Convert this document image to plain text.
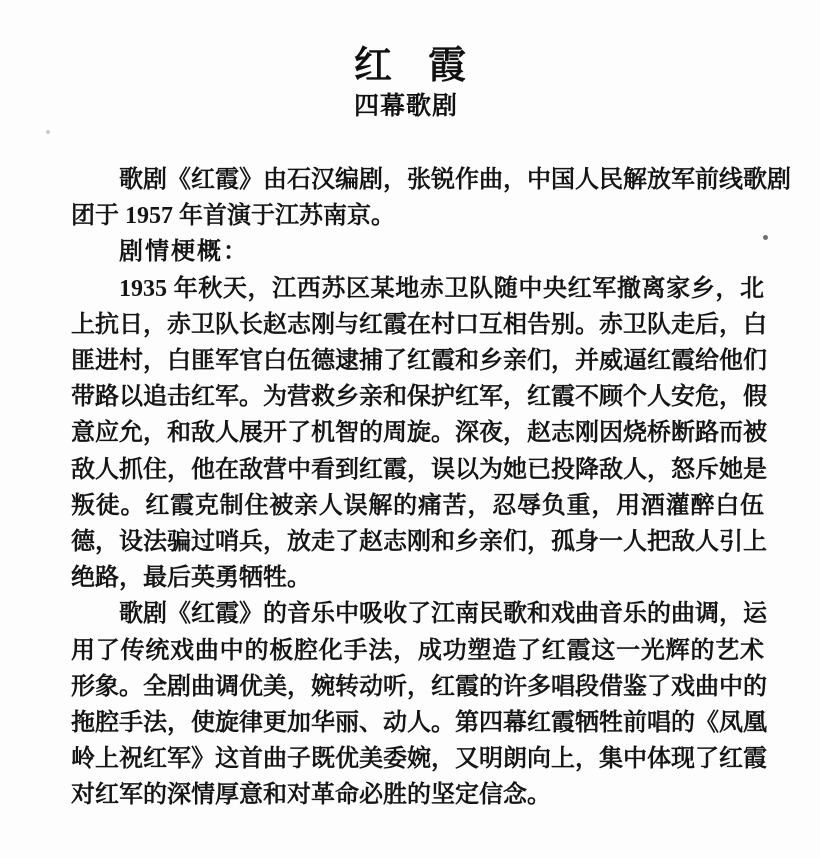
红霞
四幕歌剧
歌剧《红霞》由石汉编剧，张锐作曲，中国人民解放军前线歌剧
团于 1957 年首演于江苏南京。
剧情梗概：
1935 年秋天，江西苏区某地赤卫队随中央红军撤离家乡，北
上抗日，赤卫队长赵志刚与红霞在村口互相告别。赤卫队走后，白
匪进村，白匪军官白伍德逮捕了红霞和乡亲们，并威逼红霞给他们
带路以追击红军。为营救乡亲和保护红军，红霞不顾个人安危，假
意应允，和敌人展开了机智的周旋。深夜，赵志刚因烧桥断路而被
敌人抓住，他在敌营中看到红霞，误以为她已投降敌人，怒斥她是
叛徒。红霞克制住被亲人误解的痛苦，忍辱负重，用酒灌醉白伍
德，设法骗过哨兵，放走了赵志刚和乡亲们，孤身一人把敌人引上
绝路，最后英勇牺牲。
歌剧《红霞》的音乐中吸收了江南民歌和戏曲音乐的曲调，运
用了传统戏曲中的板腔化手法，成功塑造了红霞这一光辉的艺术
形象。全剧曲调优美，婉转动听，红霞的许多唱段借鉴了戏曲中的
拖腔手法，使旋律更加华丽、动人。第四幕红霞牺牲前唱的《凤凰
岭上祝红军》这首曲子既优美委婉，又明朗向上，集中体现了红霞
对红军的深情厚意和对革命必胜的坚定信念。
